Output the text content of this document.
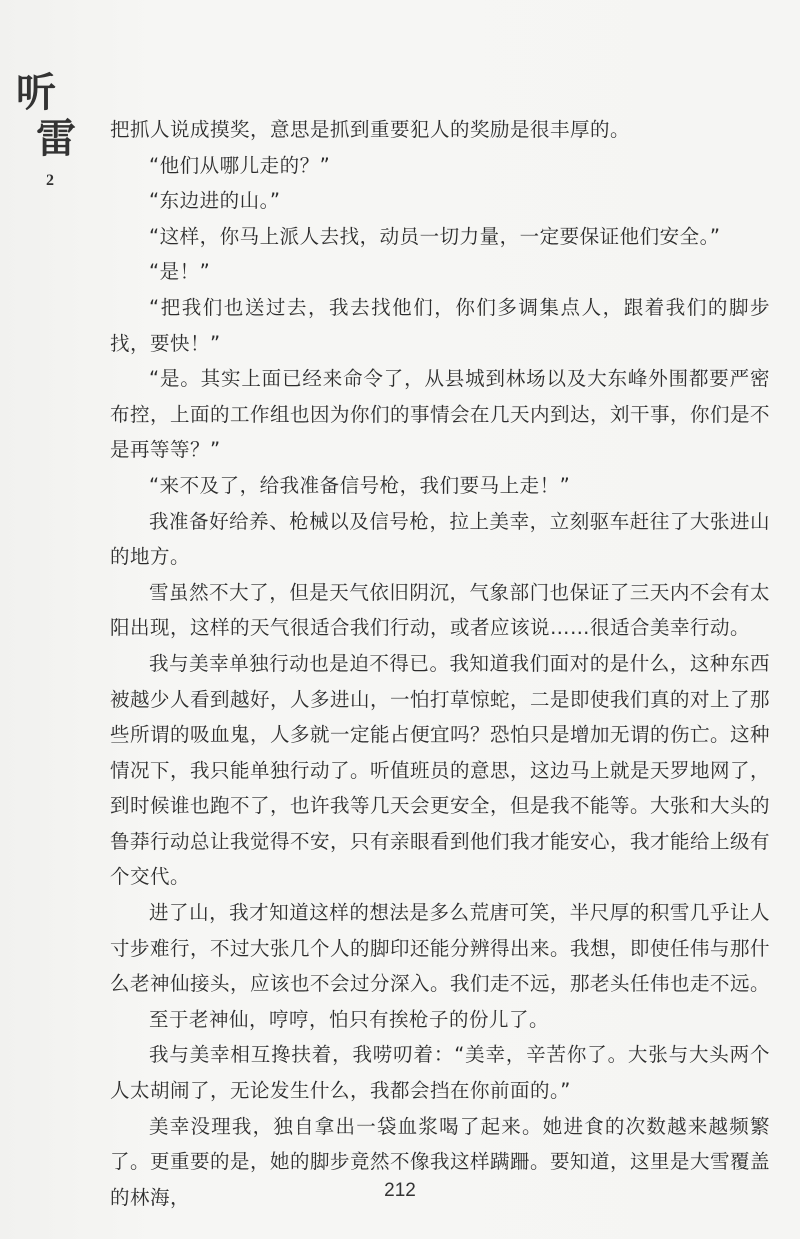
听
雷
2

把抓人说成摸奖，意思是抓到重要犯人的奖励是很丰厚的。

“他们从哪儿走的？”

“东边进的山。”

“这样，你马上派人去找，动员一切力量，一定要保证他们安全。”

“是！”

“把我们也送过去，我去找他们，你们多调集点人，跟着我们的脚步找，要快！”

“是。其实上面已经来命令了，从县城到林场以及大东峰外围都要严密布控，上面的工作组也因为你们的事情会在几天内到达，刘干事，你们是不是再等等？”

“来不及了，给我准备信号枪，我们要马上走！”

我准备好给养、枪械以及信号枪，拉上美幸，立刻驱车赶往了大张进山的地方。

雪虽然不大了，但是天气依旧阴沉，气象部门也保证了三天内不会有太阳出现，这样的天气很适合我们行动，或者应该说……很适合美幸行动。

我与美幸单独行动也是迫不得已。我知道我们面对的是什么，这种东西被越少人看到越好，人多进山，一怕打草惊蛇，二是即使我们真的对上了那些所谓的吸血鬼，人多就一定能占便宜吗？恐怕只是增加无谓的伤亡。这种情况下，我只能单独行动了。听值班员的意思，这边马上就是天罗地网了，到时候谁也跑不了，也许我等几天会更安全，但是我不能等。大张和大头的鲁莽行动总让我觉得不安，只有亲眼看到他们我才能安心，我才能给上级有个交代。

进了山，我才知道这样的想法是多么荒唐可笑，半尺厚的积雪几乎让人寸步难行，不过大张几个人的脚印还能分辨得出来。我想，即使任伟与那什么老神仙接头，应该也不会过分深入。我们走不远，那老头任伟也走不远。

至于老神仙，哼哼，怕只有挨枪子的份儿了。

我与美幸相互搀扶着，我唠叨着：“美幸，辛苦你了。大张与大头两个人太胡闹了，无论发生什么，我都会挡在你前面的。”

美幸没理我，独自拿出一袋血浆喝了起来。她进食的次数越来越频繁了。更重要的是，她的脚步竟然不像我这样蹒跚。要知道，这里是大雪覆盖的林海，	212
